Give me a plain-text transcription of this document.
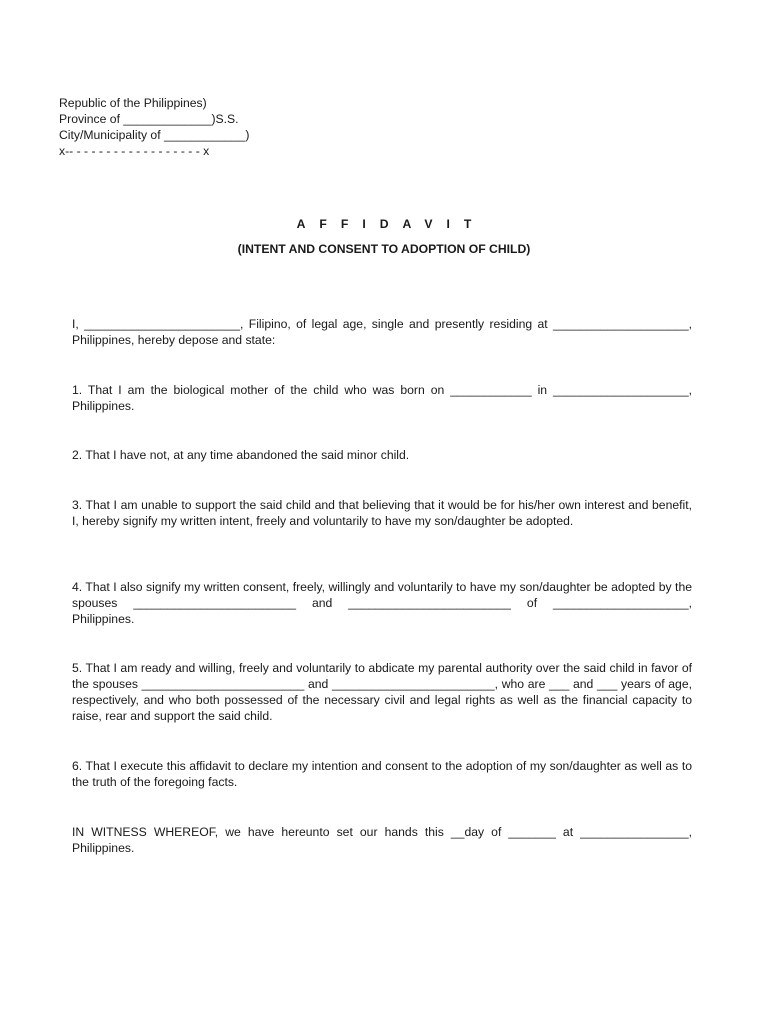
Republic of the Philippines)
Province of _____________)S.S.
City/Municipality of ____________)
x-- - - - - - - - - - - - - - - - - - x
AFFIDAVIT
(INTENT AND CONSENT TO ADOPTION OF CHILD)

I, _______________________, Filipino, of legal age, single and presently residing at ____________________, Philippines, hereby depose and state:

1. That I am the biological mother of the child who was born on ____________ in ____________________, Philippines.

2. That I have not, at any time abandoned the said minor child.

3. That I am unable to support the said child and that believing that it would be for his/her own interest and benefit, I, hereby signify my written intent, freely and voluntarily to have my son/daughter be adopted.

4. That I also signify my written consent, freely, willingly and voluntarily to have my son/daughter be adopted by the spouses ________________________ and ________________________ of ____________________, Philippines.

5. That I am ready and willing, freely and voluntarily to abdicate my parental authority over the said child in favor of the spouses ________________________ and ________________________, who are ___ and ___ years of age, respectively, and who both possessed of the necessary civil and legal rights as well as the financial capacity to raise, rear and support the said child.

6. That I execute this affidavit to declare my intention and consent to the adoption of my son/daughter as well as to the truth of the foregoing facts.

IN WITNESS WHEREOF, we have hereunto set our hands this __day of _______ at ________________, Philippines.
